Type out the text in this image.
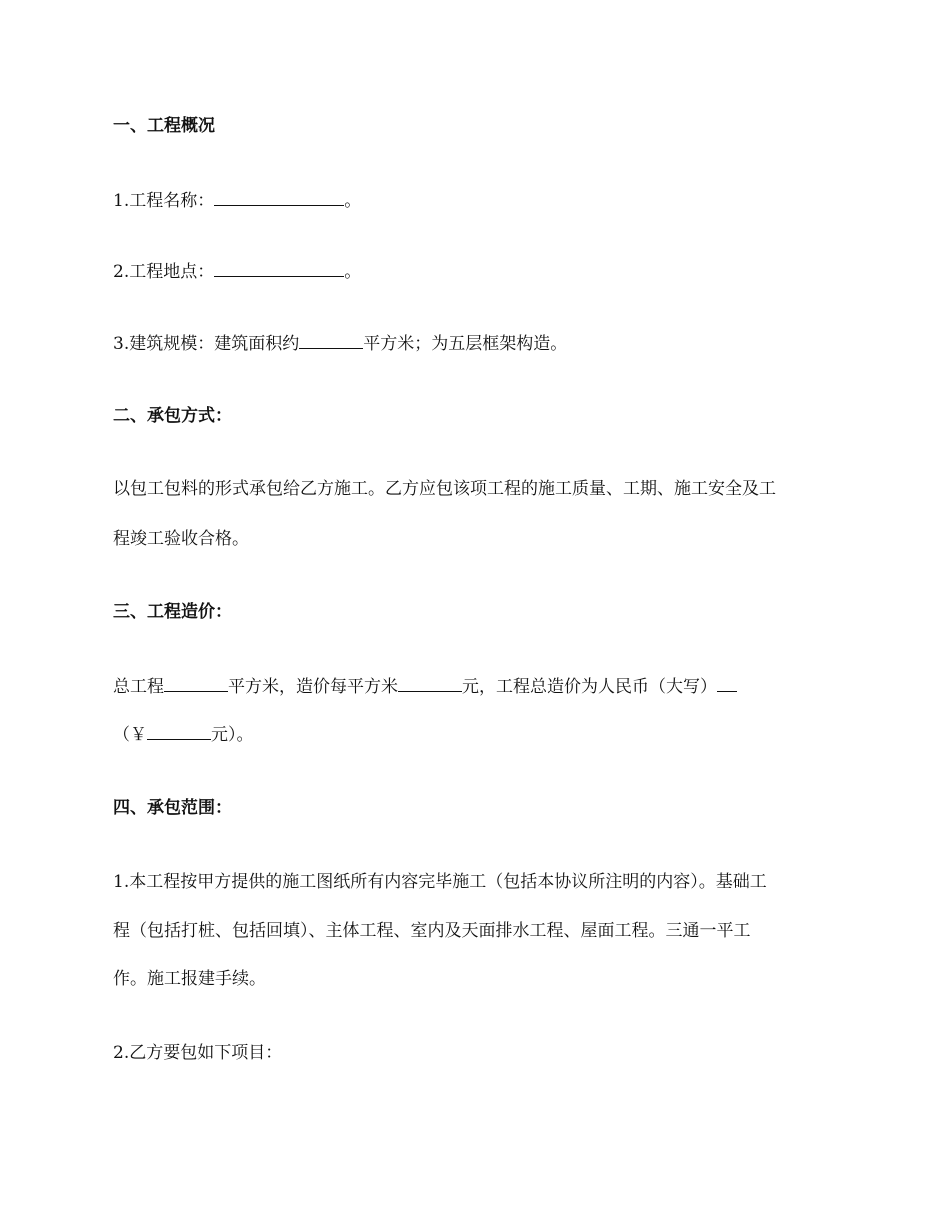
一、工程概况
1.工程名称：	。
2.工程地点：	。
3.建筑规模：建筑面积约	平方米；为五层框架构造。
二、承包方式：
以包工包料的形式承包给乙方施工。乙方应包该项工程的施工质量、工期、施工安全及工
程竣工验收合格。
三、工程造价：
总工程	平方米，造价每平方米	元，工程总造价为人民币（大写）
（￥	元）。
四、承包范围：
1.本工程按甲方提供的施工图纸所有内容完毕施工（包括本协议所注明的内容）。基础工
程（包括打桩、包括回填）、主体工程、室内及天面排水工程、屋面工程。三通一平工
作。施工报建手续。
2.乙方要包如下项目：
